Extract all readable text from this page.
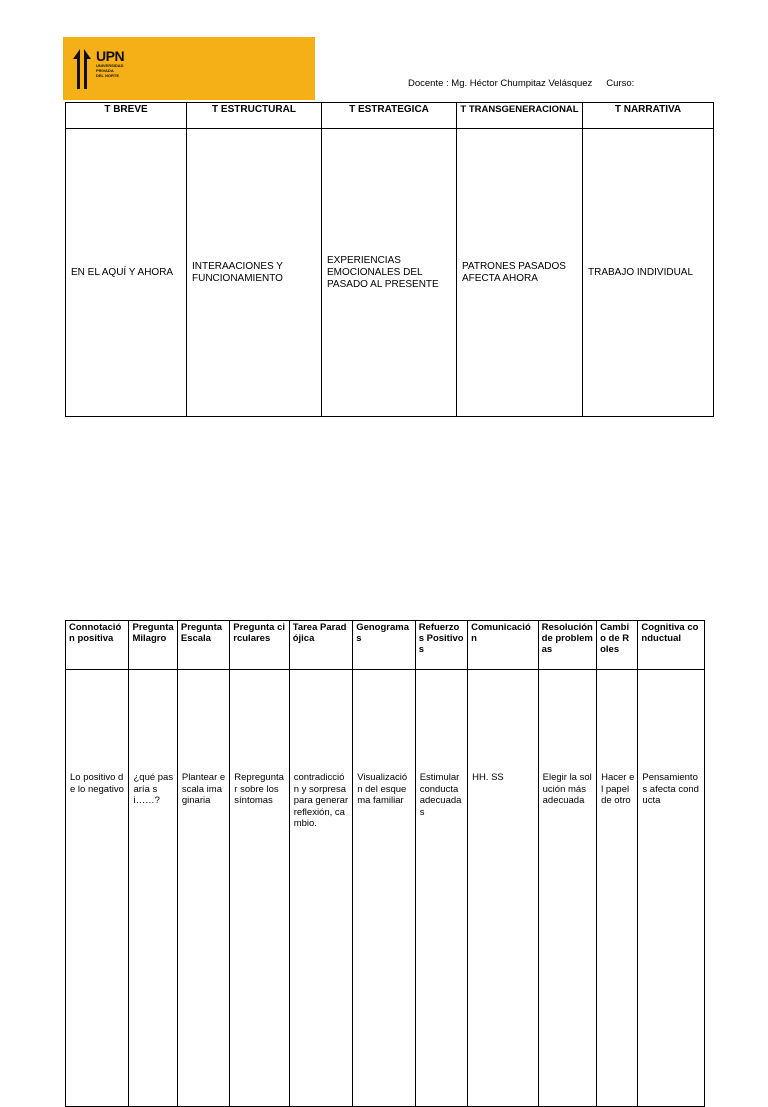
UPN
UNIVERSIDAD
PRIVADA
DEL NORTE
Docente : Mg. Héctor Chumpitaz Velásquez Curso:
T BREVE	T ESTRUCTURAL	T ESTRATEGICA	T TRANSGENERACIONAL	T NARRATIVA
EN EL AQUÍ Y AHORA	INTERAACIONES Y FUNCIONAMIENTO	EXPERIENCIAS EMOCIONALES DEL PASADO AL PRESENTE	PATRONES PASADOS AFECTA AHORA	TRABAJO INDIVIDUAL
Connotación positiva	Pregunta Milagro	Pregunta Escala	Pregunta circulares	Tarea Paradójica	Genogramas	Refuerzos Positivos	Comunicación	Resolución de problemas	Cambio de Roles	Cognitiva conductual
Lo positivo de lo negativo	¿qué pasaría si……?	Plantear escala imaginaria	Repreguntar sobre los síntomas	contradicción y sorpresa para generar reflexión, cambio.	Visualización del esquema familiar	Estimular conducta adecuadas	HH. SS	Elegir la solución más adecuada	Hacer el papel de otro	Pensamientos afecta conducta
